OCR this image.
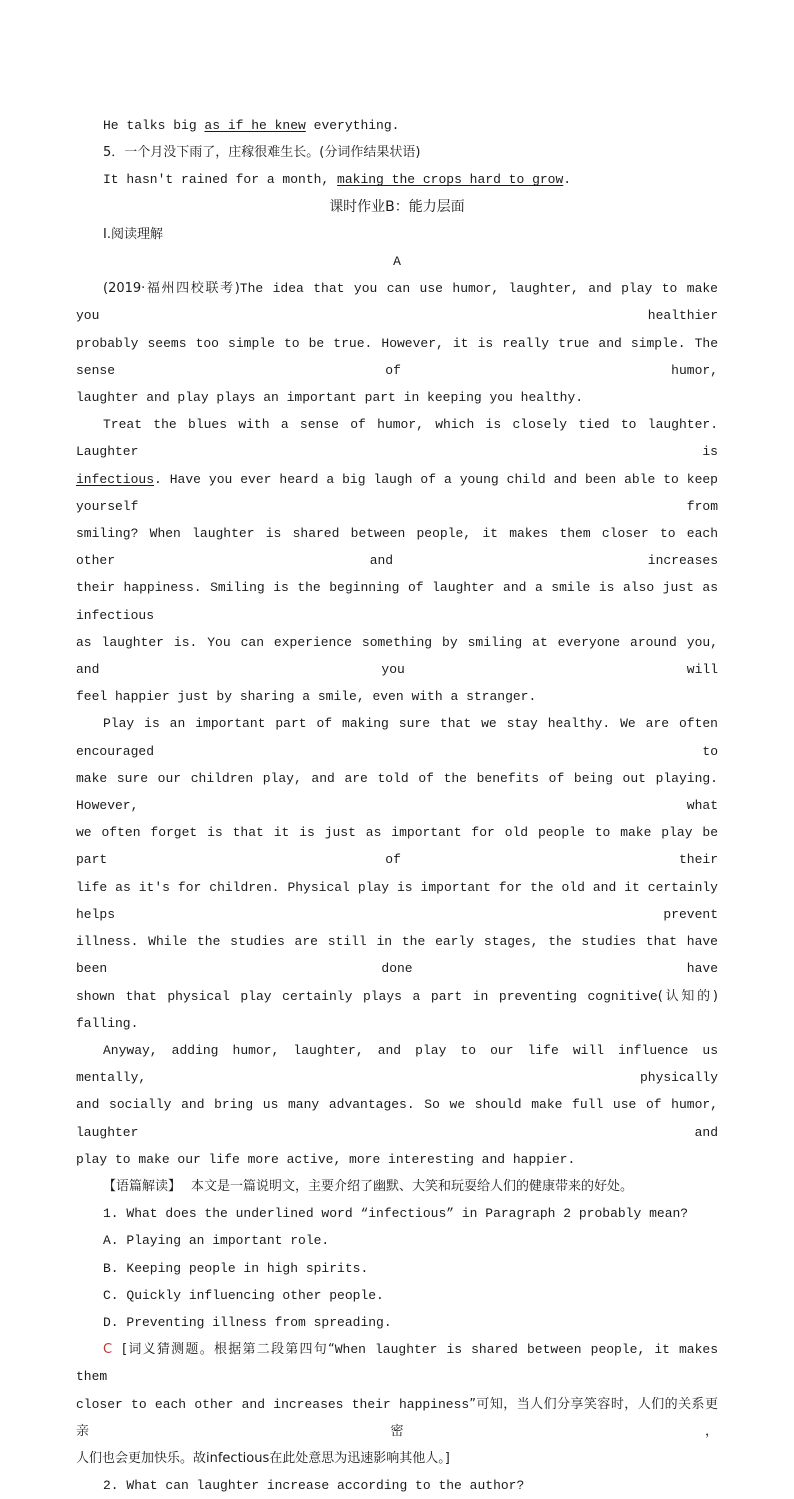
He talks big as if he knew everything.

5．一个月没下雨了，庄稼很难生长。(分词作结果状语)

It hasn't rained for a month, making the crops hard to grow.

课时作业B：能力层面

Ⅰ.阅读理解

A

(2019·福州四校联考)The idea that you can use humor, laughter, and play to make you healthier

probably seems too simple to be true. However, it is really true and simple. The sense of humor,

laughter and play plays an important part in keeping you healthy.

Treat the blues with a sense of humor, which is closely tied to laughter. Laughter is

infectious. Have you ever heard a big laugh of a young child and been able to keep yourself from

smiling? When laughter is shared between people, it makes them closer to each other and increases

their happiness. Smiling is the beginning of laughter and a smile is also just as infectious

as laughter is. You can experience something by smiling at everyone around you, and you will

feel happier just by sharing a smile, even with a stranger.

Play is an important part of making sure that we stay healthy. We are often encouraged to

make sure our children play, and are told of the benefits of being out playing. However, what

we often forget is that it is just as important for old people to make play be part of their

life as it's for children. Physical play is important for the old and it certainly helps prevent

illness. While the studies are still in the early stages, the studies that have been done have

shown that physical play certainly plays a part in preventing cognitive(认知的) falling.

Anyway, adding humor, laughter, and play to our life will influence us mentally, physically

and socially and bring us many advantages. So we should make full use of humor, laughter and

play to make our life more active, more interesting and happier.

【语篇解读】 本文是一篇说明文，主要介绍了幽默、大笑和玩耍给人们的健康带来的好处。

1. What does the underlined word “infectious” in Paragraph 2 probably mean?

A. Playing an important role.

B. Keeping people in high spirits.

C. Quickly influencing other people.

D. Preventing illness from spreading.

C [词义猜测题。根据第二段第四句“When laughter is shared between people, it makes them

closer to each other and increases their happiness”可知，当人们分享笑容时，人们的关系更亲密，

人们也会更加快乐。故infectious在此处意思为迅速影响其他人。]

2. What can laughter increase according to the author?
